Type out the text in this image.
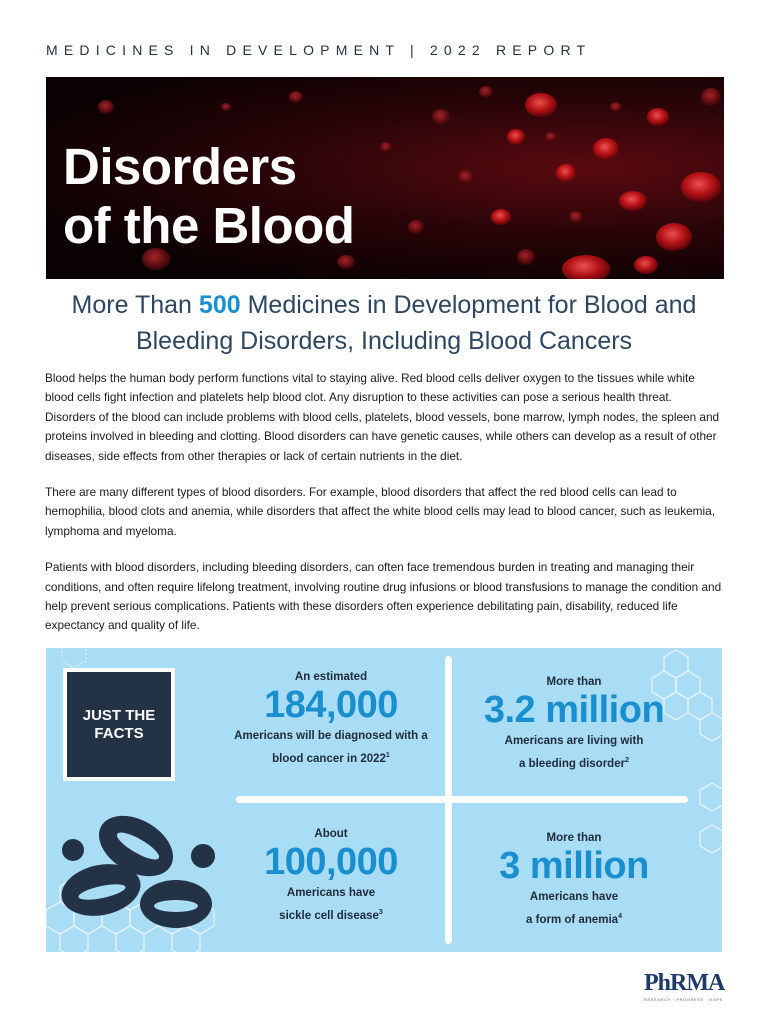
MEDICINES IN DEVELOPMENT | 2022 REPORT
Disorders
of the Blood
More Than 500 Medicines in Development for Blood and Bleeding Disorders, Including Blood Cancers

Blood helps the human body perform functions vital to staying alive. Red blood cells deliver oxygen to the tissues while white blood cells fight infection and platelets help blood clot. Any disruption to these activities can pose a serious health threat. Disorders of the blood can include problems with blood cells, platelets, blood vessels, bone marrow, lymph nodes, the spleen and proteins involved in bleeding and clotting. Blood disorders can have genetic causes, while others can develop as a result of other diseases, side effects from other therapies or lack of certain nutrients in the diet.

There are many different types of blood disorders. For example, blood disorders that affect the red blood cells can lead to hemophilia, blood clots and anemia, while disorders that affect the white blood cells may lead to blood cancer, such as leukemia, lymphoma and myeloma.

Patients with blood disorders, including bleeding disorders, can often face tremendous burden in treating and managing their conditions, and often require lifelong treatment, involving routine drug infusions or blood transfusions to manage the condition and help prevent serious complications. Patients with these disorders often experience debilitating pain, disability, reduced life expectancy and quality of life.

JUST THE FACTS
An estimated
184,000
Americans will be diagnosed with a
blood cancer in 2022$^1$
More than
3.2 million
Americans are living with
a bleeding disorder$^2$
About
100,000
Americans have
sickle cell disease$^3$
More than
3 million
Americans have
a form of anemia$^4$
PhRMA
RESEARCH · PROGRESS · HOPE
